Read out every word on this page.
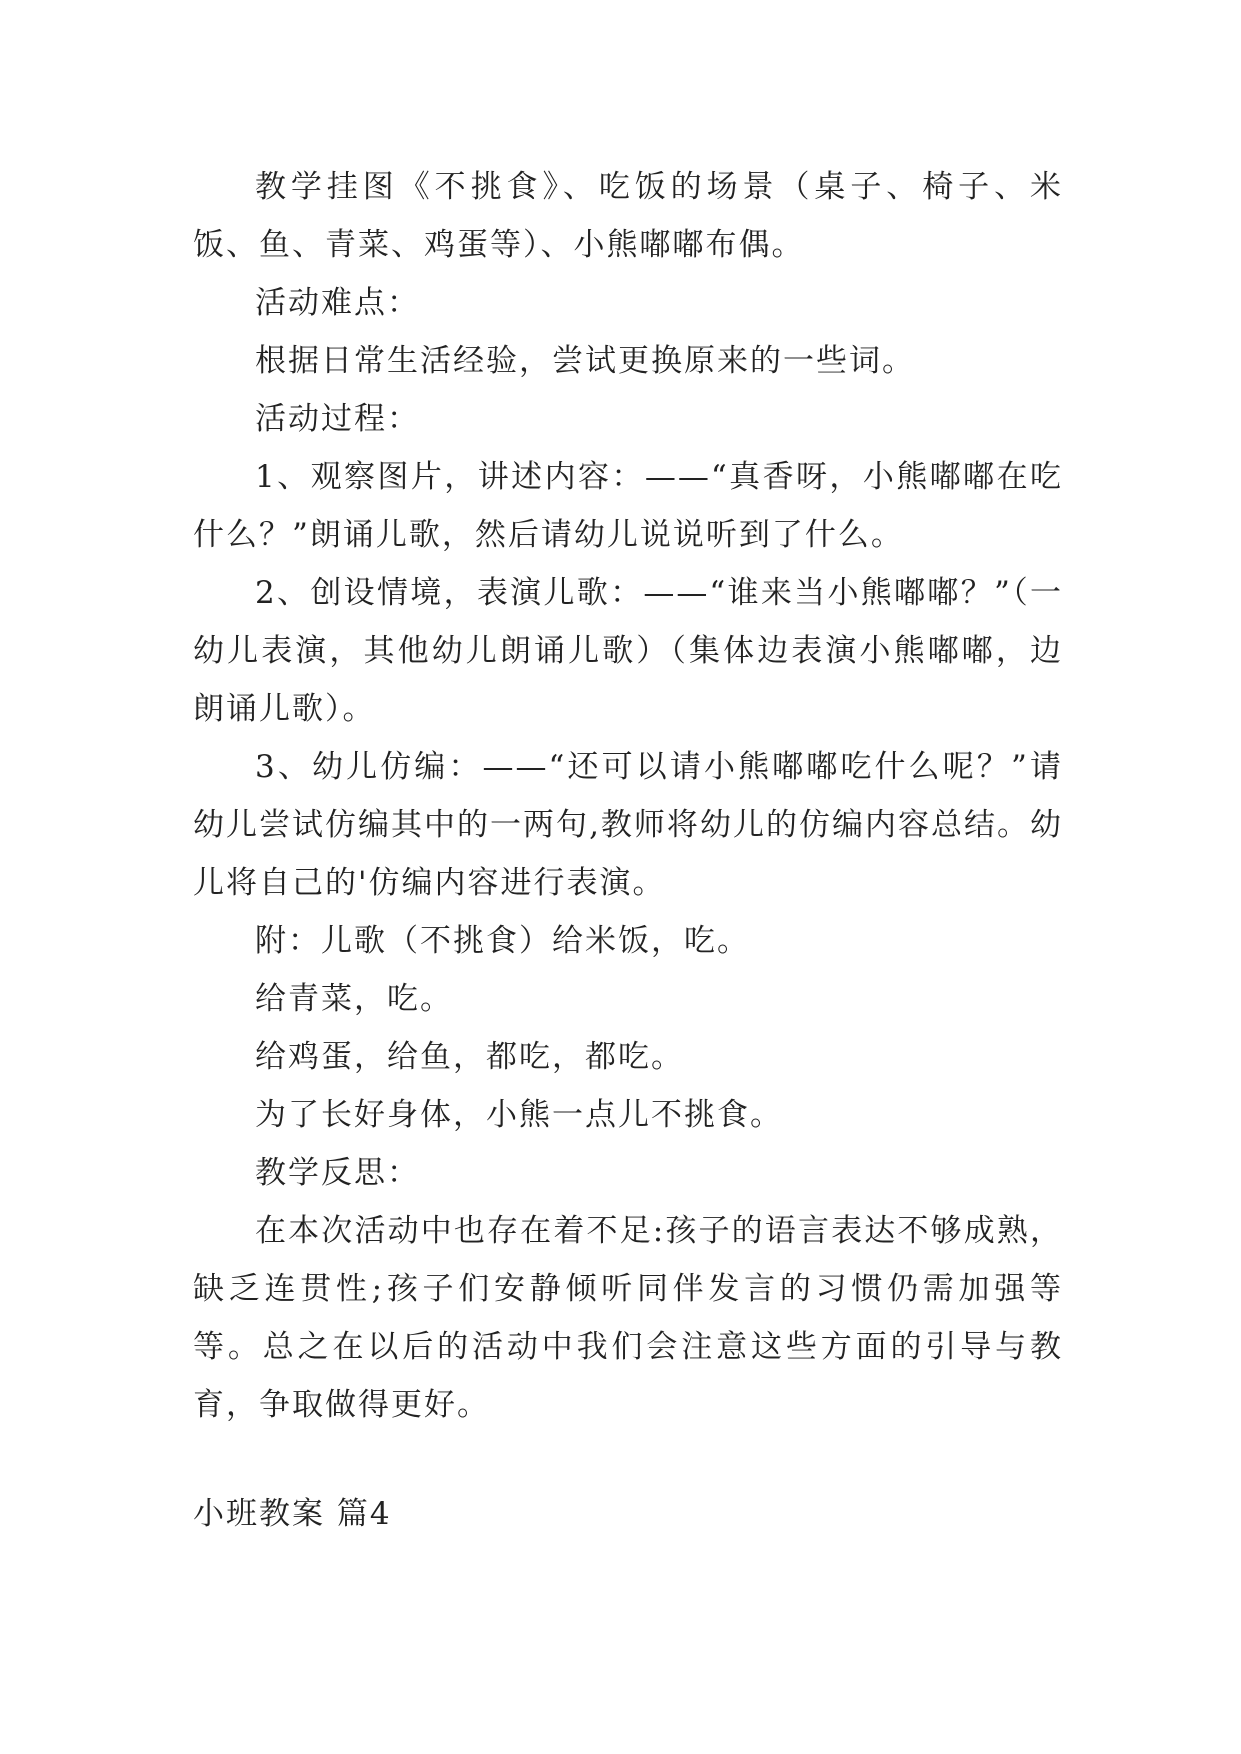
教学挂图《不挑食》、吃饭的场景（桌子、椅子、米饭、鱼、青菜、鸡蛋等）、小熊嘟嘟布偶。

活动难点：

根据日常生活经验，尝试更换原来的一些词。

活动过程：

1、观察图片，讲述内容：——“真香呀，小熊嘟嘟在吃什么？”朗诵儿歌，然后请幼儿说说听到了什么。

2、创设情境，表演儿歌：——“谁来当小熊嘟嘟？”（一幼儿表演，其他幼儿朗诵儿歌）（集体边表演小熊嘟嘟，边朗诵儿歌）。

3、幼儿仿编：——“还可以请小熊嘟嘟吃什么呢？”请幼儿尝试仿编其中的一两句,教师将幼儿的仿编内容总结。幼儿将自己的'仿编内容进行表演。

附：儿歌（不挑食）给米饭，吃。

给青菜，吃。

给鸡蛋，给鱼，都吃，都吃。

为了长好身体，小熊一点儿不挑食。

教学反思：

在本次活动中也存在着不足:孩子的语言表达不够成熟，缺乏连贯性;孩子们安静倾听同伴发言的习惯仍需加强等等。总之在以后的活动中我们会注意这些方面的引导与教育，争取做得更好。

小班教案 篇4
